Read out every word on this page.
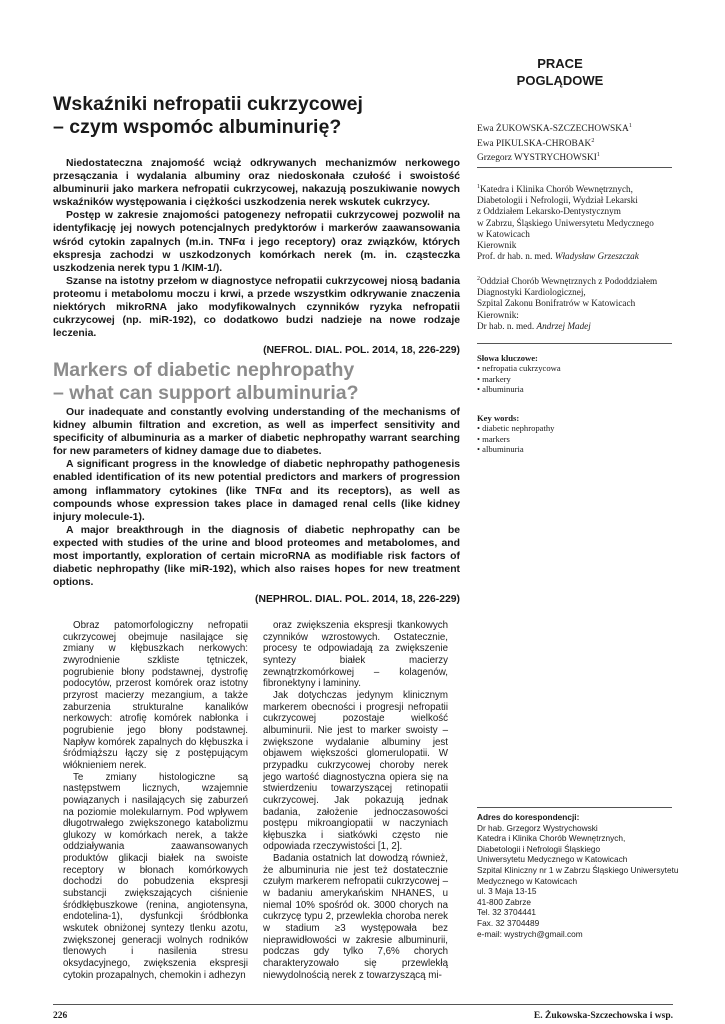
PRACE
POGLĄDOWE
Wskaźniki nefropatii cukrzycowej
– czym wspomóc albuminurię?

Niedostateczna znajomość wciąż odkrywanych mechanizmów nerkowego przesączania i wydalania albuminy oraz niedoskonała czułość i swoistość albuminurii jako markera nefropatii cukrzycowej, nakazują poszukiwanie nowych wskaźników występowania i ciężkości uszkodzenia nerek wskutek cukrzycy.

Postęp w zakresie znajomości patogenezy nefropatii cukrzycowej pozwolił na identyfikację jej nowych potencjalnych predyktorów i markerów zaawansowania wśród cytokin zapalnych (m.in. TNFα i jego receptory) oraz związków, których ekspresja zachodzi w uszkodzonych komórkach nerek (m. in. cząsteczka uszkodzenia nerek typu 1 /KIM-1/).

Szanse na istotny przełom w diagnostyce nefropatii cukrzycowej niosą badania proteomu i metabolomu moczu i krwi, a przede wszystkim odkrywanie znaczenia niektórych mikroRNA jako modyfikowalnych czynników ryzyka nefropatii cukrzycowej (np. miR-192), co dodatkowo budzi nadzieje na nowe rodzaje leczenia.

(NEFROL. DIAL. POL. 2014, 18, 226-229)

Markers of diabetic nephropathy
– what can support albuminuria?

Our inadequate and constantly evolving understanding of the mechanisms of kidney albumin filtration and excretion, as well as imperfect sensitivity and specificity of albuminuria as a marker of diabetic nephropathy warrant searching for new parameters of kidney damage due to diabetes.

A significant progress in the knowledge of diabetic nephropathy pathogenesis enabled identification of its new potential predictors and markers of progression among inflammatory cytokines (like TNFα and its receptors), as well as compounds whose expression takes place in damaged renal cells (like kidney injury molecule-1).

A major breakthrough in the diagnosis of diabetic nephropathy can be expected with studies of the urine and blood proteomes and metabolomes, and most importantly, exploration of certain microRNA as modifiable risk factors of diabetic nephropathy (like miR-192), which also raises hopes for new treatment options.

(NEPHROL. DIAL. POL. 2014, 18, 226-229)

Ewa ŻUKOWSKA-SZCZECHOWSKA$^1$
Ewa PIKULSKA-CHROBAK$^2$
Grzegorz WYSTRYCHOWSKI$^1$
$^1$Katedra i Klinika Chorób Wewnętrznych,
Diabetologii i Nefrologii, Wydział Lekarski
z Oddziałem Lekarsko-Dentystycznym
w Zabrzu, Śląskiego Uniwersytetu Medycznego
w Katowicach
Kierownik
Prof. dr hab. n. med. Władysław Grzeszczak
$^2$Oddział Chorób Wewnętrznych z Pododdziałem
Diagnostyki Kardiologicznej,
Szpital Zakonu Bonifratrów w Katowicach
Kierownik:
Dr hab. n. med. Andrzej Madej
Słowa kluczowe:
• nefropatia cukrzycowa
• markery
• albuminuria
Key words:
• diabetic nephropathy
• markers
• albuminuria

Obraz patomorfologiczny nefropatii cukrzycowej obejmuje nasilające się zmiany w kłębuszkach nerkowych: zwyrodnienie szkliste tętniczek, pogrubienie błony podstawnej, dystrofię podocytów, przerost komórek oraz istotny przyrost macierzy mezangium, a także zaburzenia strukturalne kanalików nerkowych: atrofię komórek nabłonka i pogrubienie jego błony podstawnej. Napływ komórek zapalnych do kłębuszka i śródmiąższu łączy się z postępującym włóknieniem nerek.

Te zmiany histologiczne są następstwem licznych, wzajemnie powiązanych i nasilających się zaburzeń na poziomie molekularnym. Pod wpływem długotrwałego zwiększonego katabolizmu glukozy w komórkach nerek, a także oddziaływania zaawansowanych produktów glikacji białek na swoiste receptory w błonach komórkowych dochodzi do pobudzenia ekspresji substancji zwiększających ciśnienie śródkłębuszkowe (renina, angiotensyna, endotelina-1), dysfunkcji śródbłonka wskutek obniżonej syntezy tlenku azotu, zwiększonej generacji wolnych rodników tlenowych i nasilenia stresu oksydacyjnego, zwiększenia ekspresji cytokin prozapalnych, chemokin i adhezyn

oraz zwiększenia ekspresji tkankowych czynników wzrostowych. Ostatecznie, procesy te odpowiadają za zwiększenie syntezy białek macierzy zewnątrzkomórkowej – kolagenów, fibronektyny i lamininy.

Jak dotychczas jedynym klinicznym markerem obecności i progresji nefropatii cukrzycowej pozostaje wielkość albuminurii. Nie jest to marker swoisty – zwiększone wydalanie albuminy jest objawem większości glomerulopatii. W przypadku cukrzycowej choroby nerek jego wartość diagnostyczna opiera się na stwierdzeniu towarzyszącej retinopatii cukrzycowej. Jak pokazują jednak badania, założenie jednoczasowości postępu mikroangiopatii w naczyniach kłębuszka i siatkówki często nie odpowiada rzeczywistości [1, 2].

Badania ostatnich lat dowodzą również, że albuminuria nie jest też dostatecznie czułym markerem nefropatii cukrzycowej – w badaniu amerykańskim NHANES, u niemal 10% spośród ok. 3000 chorych na cukrzycę typu 2, przewlekła choroba nerek w stadium ≥3 występowała bez nieprawidłowości w zakresie albuminurii, podczas gdy tylko 7,6% chorych charakteryzowało się przewlekłą niewydolnością nerek z towarzyszącą mi-

Adres do korespondencji:
Dr hab. Grzegorz Wystrychowski
Katedra i Klinika Chorób Wewnętrznych,
Diabetologii i Nefrologii Śląskiego
Uniwersytetu Medycznego w Katowicach
Szpital Kliniczny nr 1 w Zabrzu Śląskiego Uniwersytetu
Medycznego w Katowicach
ul. 3 Maja 13-15
41-800 Zabrze
Tel. 32 3704441
Fax. 32 3704489
e-mail: wystrych@gmail.com
226	E. Żukowska-Szczechowska i wsp.
